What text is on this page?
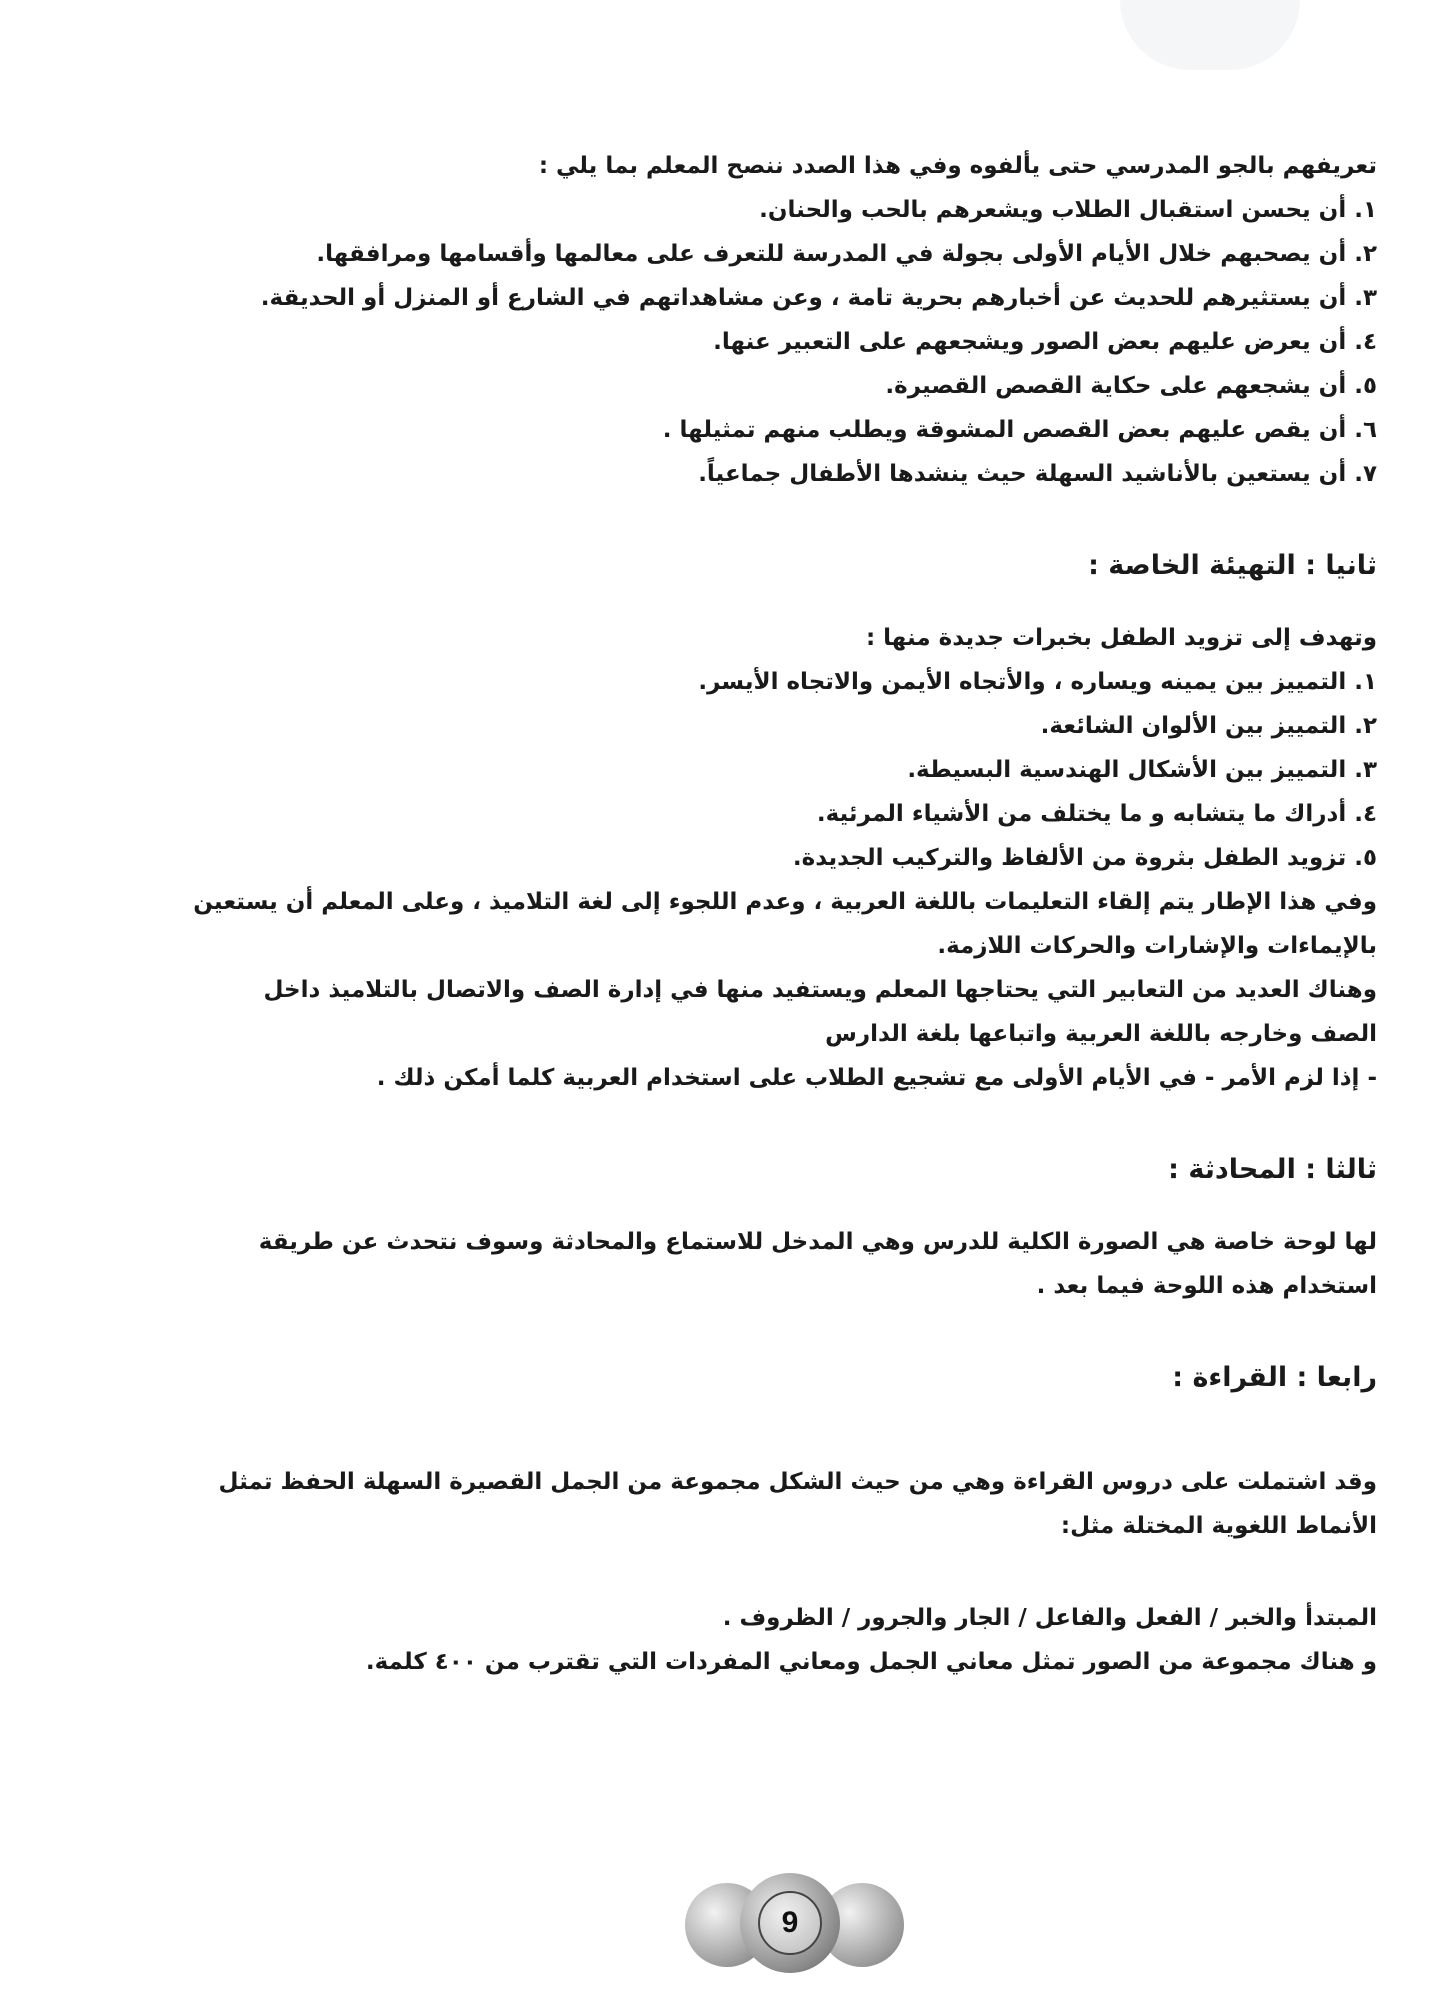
تعريفهم بالجو المدرسي حتى يألفوه وفي هذا الصدد ننصح المعلم بما يلي :

١. أن يحسن استقبال الطلاب ويشعرهم بالحب والحنان.

٢. أن يصحبهم خلال الأيام الأولى بجولة في المدرسة للتعرف على معالمها وأقسامها ومرافقها.

٣. أن يستثيرهم للحديث عن أخبارهم بحرية تامة ، وعن مشاهداتهم في الشارع أو المنزل أو الحديقة.

٤. أن يعرض عليهم بعض الصور ويشجعهم على التعبير عنها.

٥. أن يشجعهم على حكاية القصص القصيرة.

٦. أن يقص عليهم بعض القصص المشوقة ويطلب منهم تمثيلها .

٧. أن يستعين بالأناشيد السهلة حيث ينشدها الأطفال جماعياً.

ثانيا : التهيئة الخاصة :

وتهدف إلى تزويد الطفل بخبرات جديدة منها :

١. التمييز بين يمينه ويساره ، والأتجاه الأيمن والاتجاه الأيسر.

٢. التمييز بين الألوان الشائعة.

٣. التمييز بين الأشكال الهندسية البسيطة.

٤. أدراك ما يتشابه و ما يختلف من الأشياء المرئية.

٥. تزويد الطفل بثروة من الألفاظ والتركيب الجديدة.

وفي هذا الإطار يتم إلقاء التعليمات باللغة العربية ، وعدم اللجوء إلى لغة التلاميذ ، وعلى المعلم أن يستعين

بالإيماءات والإشارات والحركات اللازمة.

وهناك العديد من التعابير التي يحتاجها المعلم ويستفيد منها في إدارة الصف والاتصال بالتلاميذ داخل

الصف وخارجه باللغة العربية واتباعها بلغة الدارس

- إذا لزم الأمر - في الأيام الأولى مع تشجيع الطلاب على استخدام العربية كلما أمكن ذلك .

ثالثا : المحادثة :

لها لوحة خاصة هي الصورة الكلية للدرس وهي المدخل للاستماع والمحادثة وسوف نتحدث عن طريقة

استخدام هذه اللوحة فيما بعد .

رابعا : القراءة :

وقد اشتملت على دروس القراءة وهي من حيث الشكل مجموعة من الجمل القصيرة السهلة الحفظ تمثل

الأنماط اللغوية المختلة مثل:

المبتدأ والخبر / الفعل والفاعل / الجار والجرور / الظروف .

و هناك مجموعة من الصور تمثل معاني الجمل ومعاني المفردات التي تقترب من ٤٠٠ كلمة.

9
